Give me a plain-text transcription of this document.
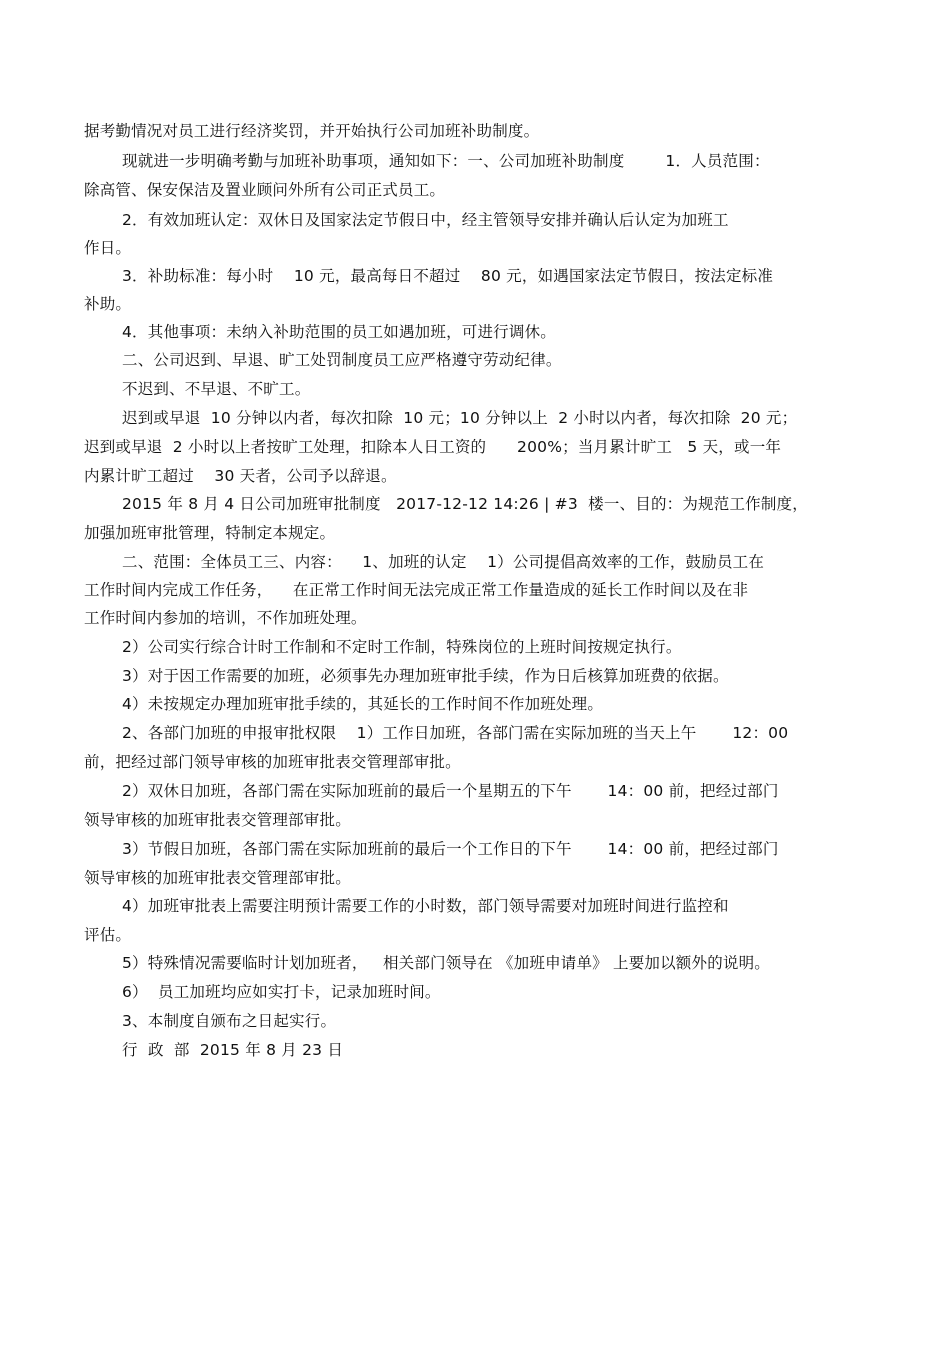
据考勤情况对员工进行经济奖罚，并开始执行公司加班补助制度。
现就进一步明确考勤与加班补助事项，通知如下：一、公司加班补助制度        1．人员范围：
除高管、保安保洁及置业顾问外所有公司正式员工。
2．有效加班认定：双休日及国家法定节假日中，经主管领导安排并确认后认定为加班工
作日。
3．补助标准：每小时    10 元，最高每日不超过    80 元，如遇国家法定节假日，按法定标准
补助。
4．其他事项：未纳入补助范围的员工如遇加班，可进行调休。
二、公司迟到、早退、旷工处罚制度员工应严格遵守劳动纪律。
不迟到、不早退、不旷工。
迟到或早退  10 分钟以内者，每次扣除  10 元；10 分钟以上  2 小时以内者，每次扣除  20 元；
迟到或早退  2 小时以上者按旷工处理，扣除本人日工资的      200%；当月累计旷工   5 天，或一年
内累计旷工超过    30 天者，公司予以辞退。
2015 年 8 月 4 日公司加班审批制度   2017-12-12 14:26 | #3  楼一、目的：为规范工作制度，
加强加班审批管理，特制定本规定。
二、范围：全体员工三、内容：    1、加班的认定    1）公司提倡高效率的工作，鼓励员工在
工作时间内完成工作任务，    在正常工作时间无法完成正常工作量造成的延长工作时间以及在非
工作时间内参加的培训，不作加班处理。
2）公司实行综合计时工作制和不定时工作制，特殊岗位的上班时间按规定执行。
3）对于因工作需要的加班，必须事先办理加班审批手续，作为日后核算加班费的依据。
4）未按规定办理加班审批手续的，其延长的工作时间不作加班处理。
2、各部门加班的申报审批权限    1）工作日加班，各部门需在实际加班的当天上午       12：00
前，把经过部门领导审核的加班审批表交管理部审批。
2）双休日加班，各部门需在实际加班前的最后一个星期五的下午       14：00 前，把经过部门
领导审核的加班审批表交管理部审批。
3）节假日加班，各部门需在实际加班前的最后一个工作日的下午       14：00 前，把经过部门
领导审核的加班审批表交管理部审批。
4）加班审批表上需要注明预计需要工作的小时数，部门领导需要对加班时间进行监控和
评估。
5）特殊情况需要临时计划加班者，   相关部门领导在 《加班申请单》 上要加以额外的说明。
6）  员工加班均应如实打卡，记录加班时间。
3、本制度自颁布之日起实行。
行  政  部  2015 年 8 月 23 日
